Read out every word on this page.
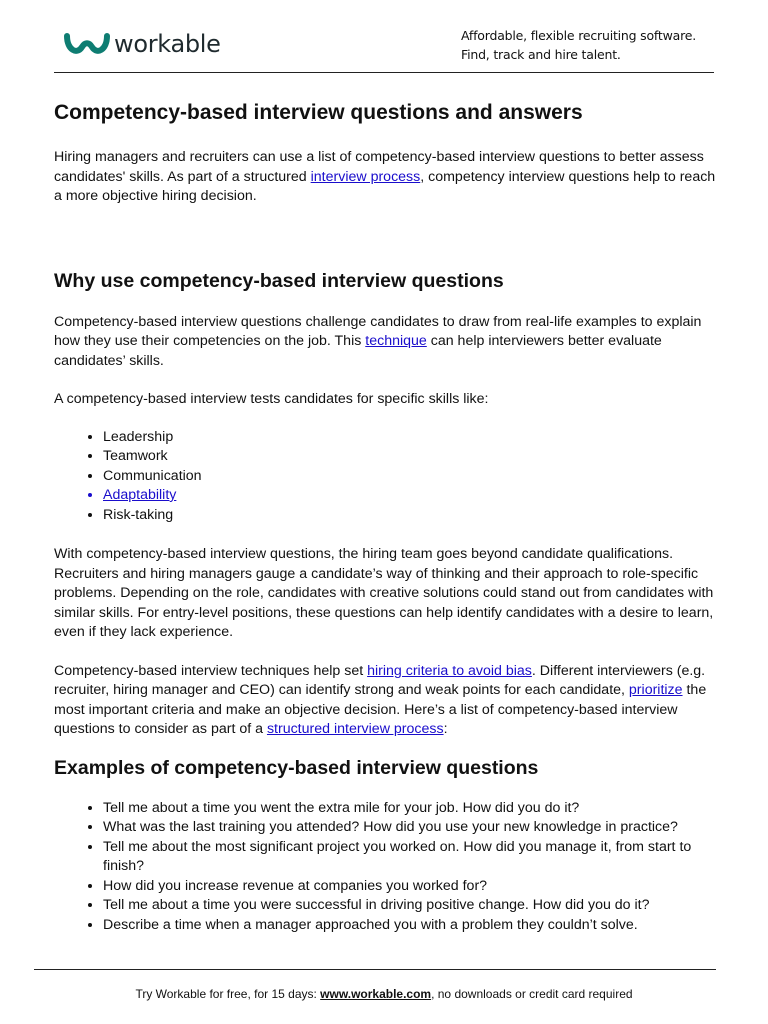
workable	Affordable, flexible recruiting software.
Find, track and hire talent.
Competency-based interview questions and answers

Hiring managers and recruiters can use a list of competency-based interview questions to better assess candidates' skills. As part of a structured interview process, competency interview questions help to reach a more objective hiring decision.

Why use competency-based interview questions

Competency-based interview questions challenge candidates to draw from real-life examples to explain how they use their competencies on the job. This technique can help interviewers better evaluate candidates’ skills.

A competency-based interview tests candidates for specific skills like:

• Leadership
• Teamwork
• Communication
• Adaptability
• Risk-taking

With competency-based interview questions, the hiring team goes beyond candidate qualifications. Recruiters and hiring managers gauge a candidate’s way of thinking and their approach to role-specific problems. Depending on the role, candidates with creative solutions could stand out from candidates with similar skills. For entry-level positions, these questions can help identify candidates with a desire to learn, even if they lack experience.

Competency-based interview techniques help set hiring criteria to avoid bias. Different interviewers (e.g. recruiter, hiring manager and CEO) can identify strong and weak points for each candidate, prioritize the most important criteria and make an objective decision. Here’s a list of competency-based interview questions to consider as part of a structured interview process:

Examples of competency-based interview questions
• Tell me about a time you went the extra mile for your job. How did you do it?
• What was the last training you attended? How did you use your new knowledge in practice?
• Tell me about the most significant project you worked on. How did you manage it, from start to finish?
• How did you increase revenue at companies you worked for?
• Tell me about a time you were successful in driving positive change. How did you do it?
• Describe a time when a manager approached you with a problem they couldn’t solve.
Try Workable for free, for 15 days: www.workable.com, no downloads or credit card required
